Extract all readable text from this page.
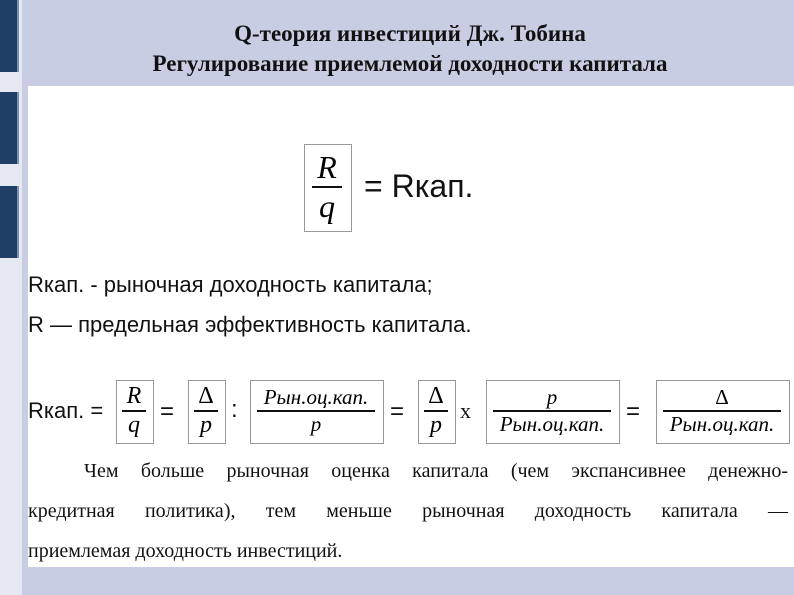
Q-теория инвестиций Дж. Тобина
Регулирование приемлемой доходности капитала
R
q
= Rкап.
Rкап. - рыночная доходность капитала;
R — предельная эффективность капитала.
Rкап. =
R
q =
Δ
p
: Рын.оц.кап.
p	=
Δ
p
x
p
Рын.оц.кап. =
Δ
Рын.оц.кап.
Чем больше рыночная оценка капитала (чем экспансивнее денежно-
кредитная политика), тем меньше рыночная доходность капитала —
приемлемая доходность инвестиций.
